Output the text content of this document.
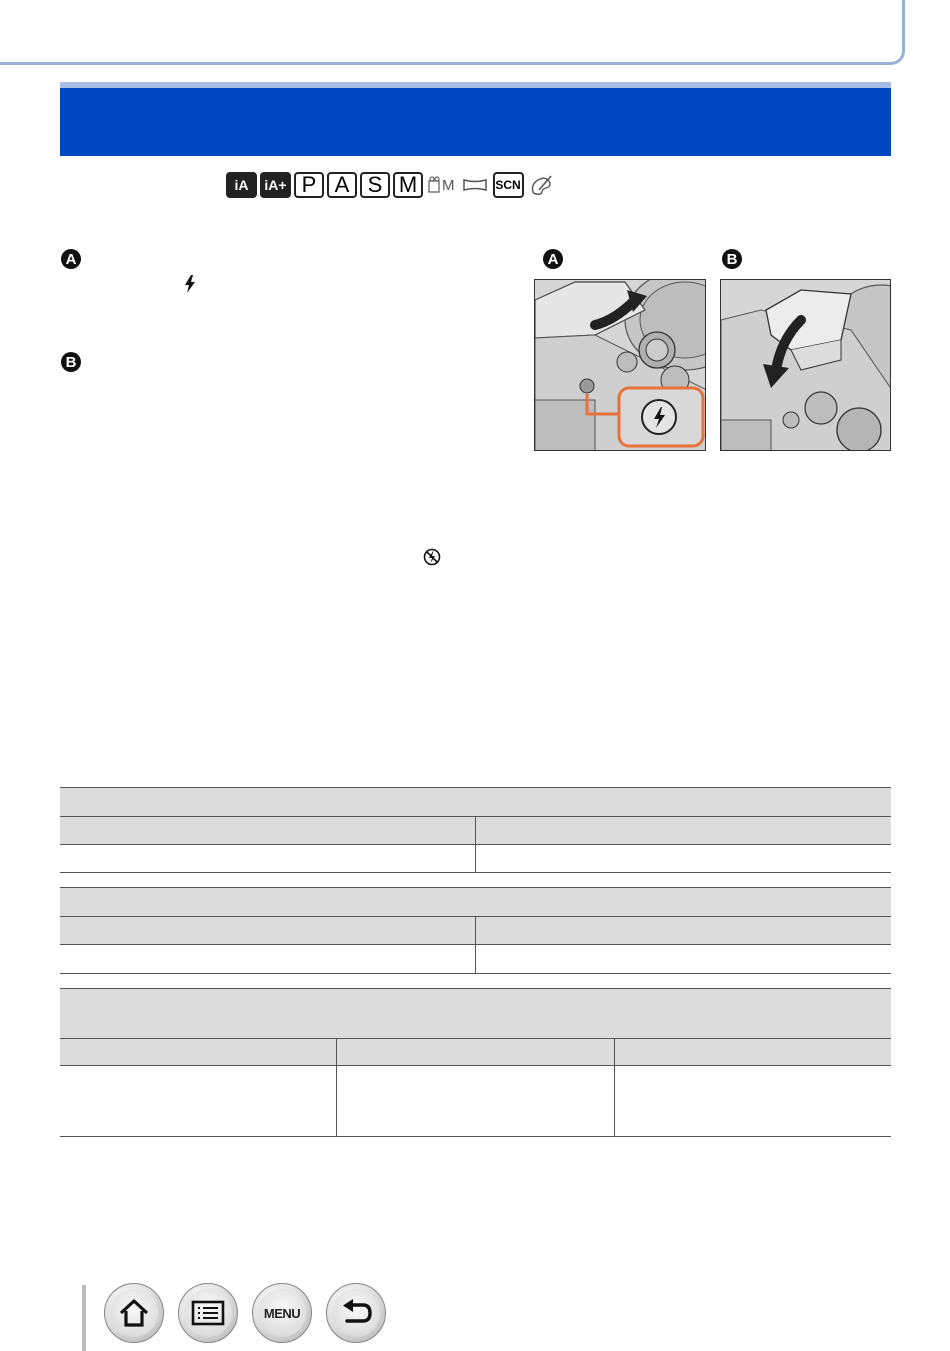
iA iA+ P A S M M	SCN
A
B
A	B
MENU
